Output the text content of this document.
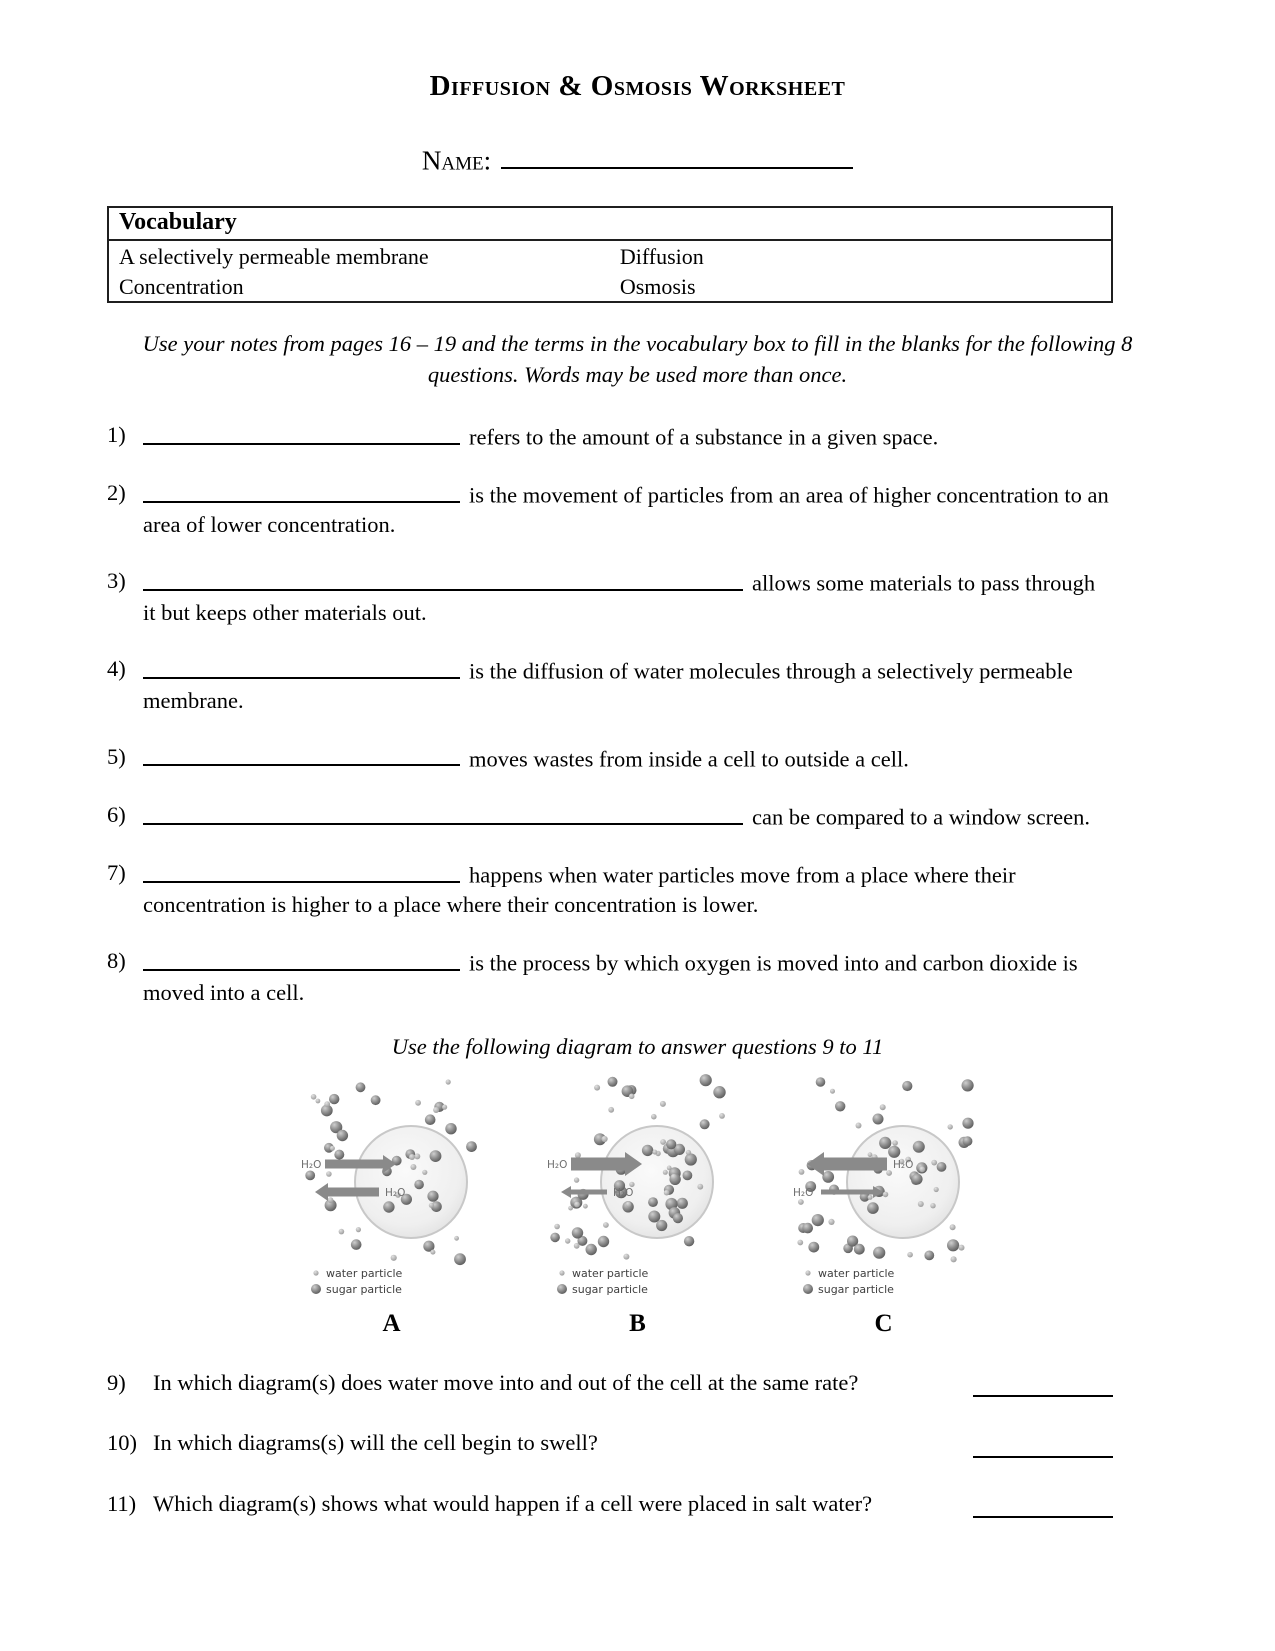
Diffusion & Osmosis Worksheet
Name:
Vocabulary
A selectively permeable membrane	Diffusion
Concentration	Osmosis
Use your notes from pages 16 – 19 and the terms in the vocabulary box to fill in the blanks for the following 8 questions. Words may be used more than once.
1)	refers to the amount of a substance in a given space.
2)	is the movement of particles from an area of higher concentration to an area of lower concentration.
3)	allows some materials to pass through it but keeps other materials out.
4)	is the diffusion of water molecules through a selectively permeable membrane.
5)	moves wastes from inside a cell to outside a cell.
6)	can be compared to a window screen.
7)	happens when water particles move from a place where their concentration is higher to a place where their concentration is lower.
8)	is the process by which oxygen is moved into and carbon dioxide is moved into a cell.
Use the following diagram to answer questions 9 to 11
H₂O
H₂O
water particle
sugar particle
A
H₂O
H₂O
water particle
sugar particle
B
H₂O
H₂O
water particle
sugar particle
C
9)	In which diagram(s) does water move into and out of the cell at the same rate?
10) In which diagrams(s) will the cell begin to swell?
11) Which diagram(s) shows what would happen if a cell were placed in salt water?
